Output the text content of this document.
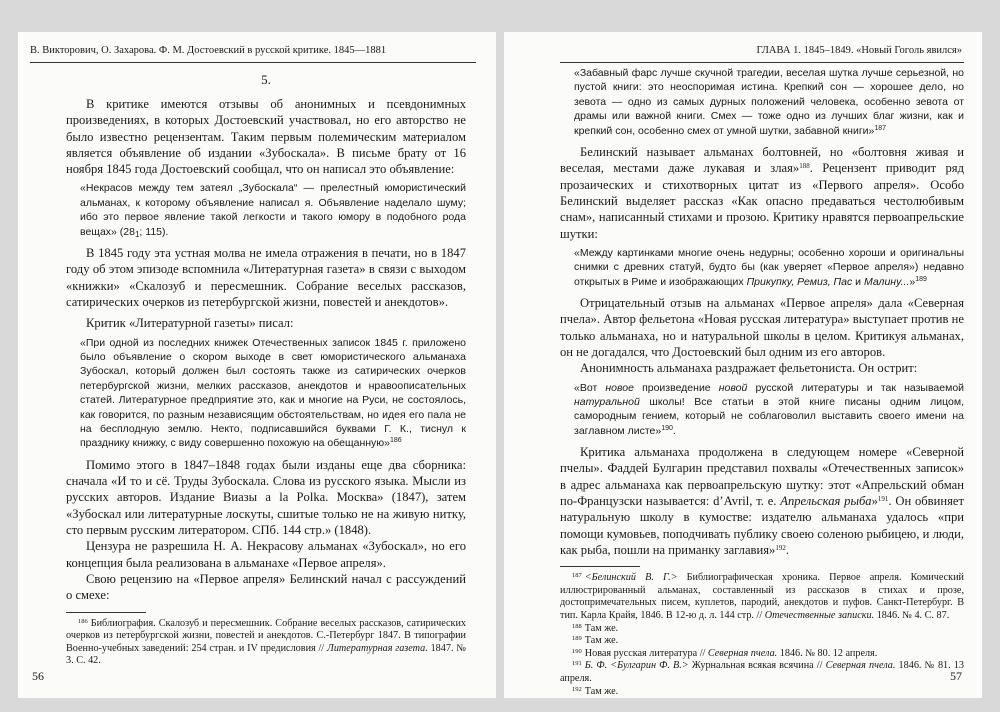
В. Викторович, О. Захарова. Ф. М. Достоевский в русской критике. 1845—1881
5.

В критике имеются отзывы об анонимных и псевдонимных произведениях, в которых Достоевский участвовал, но его авторство не было известно рецензентам. Таким первым полемическим материалом является объявление об издании «Зубоскала». В письме брату от 16 ноября 1845 года Достоевский сообщал, что он написал это объявление:

«Некрасов между тем затеял „Зубоскала“ — прелестный юмористический альманах, к которому объявление написал я. Объявление наделало шуму; ибо это первое явление такой легкости и такого юмору в подобного рода вещах» ($28_1$; 115).

В 1845 году эта устная молва не имела отражения в печати, но в 1847 году об этом эпизоде вспомнила «Литературная газета» в связи с выходом «книжки» «Скалозуб и пересмешник. Собрание веселых рассказов, сатирических очерков из петербургской жизни, повестей и анекдотов».

Критик «Литературной газеты» писал:

«При одной из последних книжек Отечественных записок 1845 г. приложено было объявление о скором выходе в свет юмористического альманаха Зубоскал, который должен был состоять также из сатирических очерков петербургской жизни, мелких рассказов, анекдотов и нравоописательных статей. Литературное предприятие это, как и многие на Руси, не состоялось, как говорится, по разным независящим обстоятельствам, но идея его пала не на бесплодную землю. Некто, подписавшийся буквами Г. К., тиснул к празднику книжку, с виду совершенно похожую на обещанную»$^{186}$

Помимо этого в 1847–1848 годах были изданы еще два сборника: сначала «И то и сё. Труды Зубоскала. Слова из русского языка. Мысли из русских авторов. Издание Виазы a la Polka. Москва» (1847), затем «Зубоскал или литературные лоскуты, сшитые только не на живую нитку, сто первым русским литератором. СПб. 144 стр.» (1848).

Цензура не разрешила Н. А. Некрасову альманах «Зубоскал», но его концепция была реализована в альманахе «Первое апреля».

Свою рецензию на «Первое апреля» Белинский начал с рассуждений о смехе:

$^{186}$ Библиография. Скалозуб и пересмешник. Собрание веселых рассказов, сатирических очерков из петербургской жизни, повестей и анекдотов. С.-Петербург 1847. В типографии Военно-учебных заведений: 254 стран. и IV предисловия // Литературная газета. 1847. № 3. С. 42.

56
ГЛАВА 1. 1845–1849. «Новый Гоголь явился»

«Забавный фарс лучше скучной трагедии, веселая шутка лучше серьезной, но пустой книги: это неоспоримая истина. Крепкий сон — хорошее дело, но зевота — одно из самых дурных положений человека, особенно зевота от драмы или важной книги. Смех — тоже одно из лучших благ жизни, как и крепкий сон, особенно смех от умной шутки, забавной книги»$^{187}$

Белинский называет альманах болтовней, но «болтовня живая и веселая, местами даже лукавая и злая»$^{188}$. Рецензент приводит ряд прозаических и стихотворных цитат из «Первого апреля». Особо Белинский выделяет рассказ «Как опасно предаваться честолюбивым снам», написанный стихами и прозою. Критику нравятся первоапрельские шутки:

«Между картинками многие очень недурны; особенно хороши и оригинальны снимки с древних статуй, будто бы (как уверяет «Первое апреля») недавно открытых в Риме и изображающих Прикупку, Ремиз, Пас и Малину...»$^{189}$

Отрицательный отзыв на альманах «Первое апреля» дала «Северная пчела». Автор фельетона «Новая русская литература» выступает против не только альманаха, но и натуральной школы в целом. Критикуя альманах, он не догадался, что Достоевский был одним из его авторов.

Анонимность альманаха раздражает фельетониста. Он острит:

«Вот новое произведение новой русской литературы и так называемой натуральной школы! Все статьи в этой книге писаны одним лицом, самородным гением, который не соблаговолил выставить своего имени на заглавном листе»$^{190}$.

Критика альманаха продолжена в следующем номере «Северной пчелы». Фаддей Булгарин представил похвалы «Отечественных записок» в адрес альманаха как первоапрельскую шутку: этот «Апрельский обман по-Французски называется: d’Avril, т. е. Апрельская рыба»$^{191}$. Он обвиняет натуральную школу в кумостве: издателю альманаха удалось «при помощи кумовьев, поподчивать публику своею соленою рыбицею, и люди, как рыба, пошли на приманку заглавия»$^{192}$.

$^{187}$ <Белинский В. Г.> Библиографическая хроника. Первое апреля. Комический иллюстрированный альманах, составленный из рассказов в стихах и прозе, достопримечательных писем, куплетов, пародий, анекдотов и пуфов. Санкт-Петербург. В тип. Карла Крайя, 1846. В 12-ю д. л. 144 стр. // Отечественные записки. 1846. № 4. С. 87.

$^{188}$ Там же.

$^{189}$ Там же.

$^{190}$ Новая русская литература // Северная пчела. 1846. № 80. 12 апреля.

$^{191}$ Б. Ф. <Булгарин Ф. В.> Журнальная всякая всячина // Северная пчела. 1846. № 81. 13 апреля.

$^{192}$ Там же.

57
